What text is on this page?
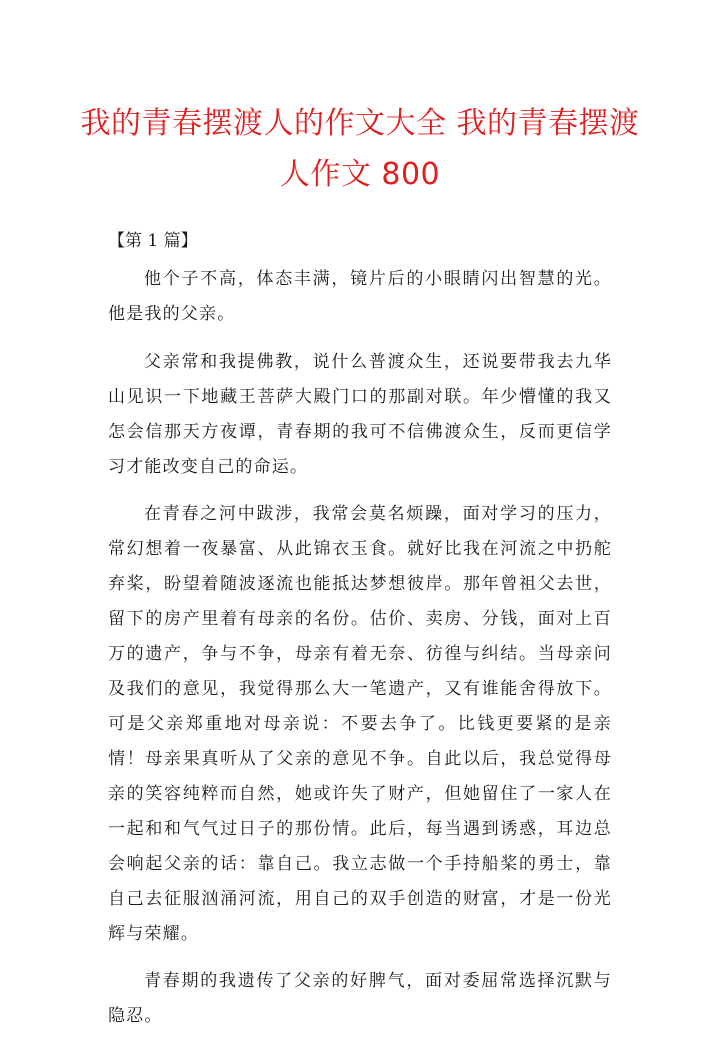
我的青春摆渡人的作文大全 我的青春摆渡
人作文 800

【第 1 篇】

他个子不高，体态丰满，镜片后的小眼睛闪出智慧的光。他是我的父亲。

父亲常和我提佛教，说什么普渡众生，还说要带我去九华山见识一下地藏王菩萨大殿门口的那副对联。年少懵懂的我又怎会信那天方夜谭，青春期的我可不信佛渡众生，反而更信学习才能改变自己的命运。

在青春之河中跋涉，我常会莫名烦躁，面对学习的压力，常幻想着一夜暴富、从此锦衣玉食。就好比我在河流之中扔舵弃桨，盼望着随波逐流也能抵达梦想彼岸。那年曾祖父去世，留下的房产里着有母亲的名份。估价、卖房、分钱，面对上百万的遗产，争与不争，母亲有着无奈、彷徨与纠结。当母亲问及我们的意见，我觉得那么大一笔遗产，又有谁能舍得放下。可是父亲郑重地对母亲说：不要去争了。比钱更要紧的是亲情！母亲果真听从了父亲的意见不争。自此以后，我总觉得母亲的笑容纯粹而自然，她或许失了财产，但她留住了一家人在一起和和气气过日子的那份情。此后，每当遇到诱惑，耳边总会响起父亲的话：靠自己。我立志做一个手持船桨的勇士，靠自己去征服汹涌河流，用自己的双手创造的财富，才是一份光辉与荣耀。

青春期的我遗传了父亲的好脾气，面对委屈常选择沉默与隐忍。
